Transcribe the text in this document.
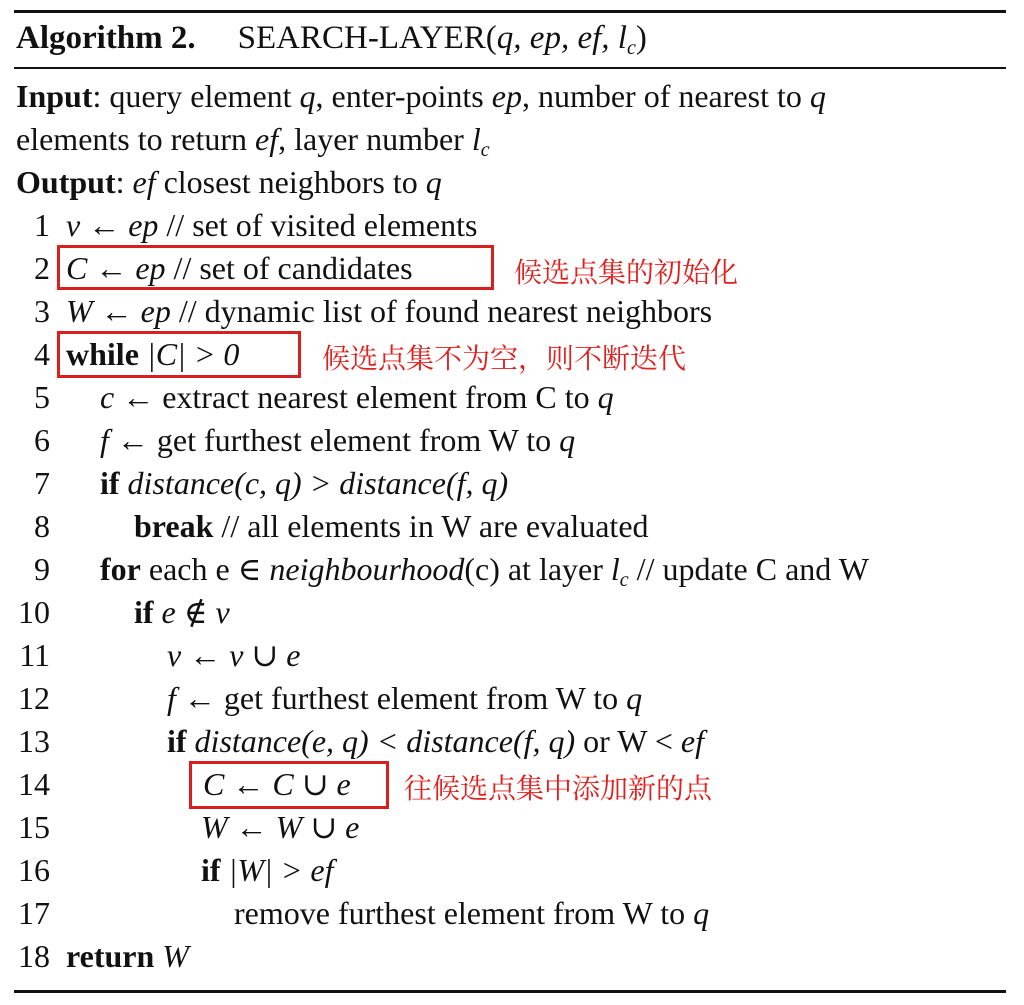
Algorithm 2. SEARCH-LAYER(q, ep, ef, $l_c$)
Input: query element q, enter-points ep, number of nearest to q
elements to return ef, layer number $l_c$
Output: ef closest neighbors to q
1 v ← ep // set of visited elements
2 C ← ep // set of candidates	候选点集的初始化
3 W ← ep // dynamic list of found nearest neighbors
4 while |C| > 0	候选点集不为空，则不断迭代
5 c ← extract nearest element from C to q
6 f ← get furthest element from W to q
7 if distance(c, q) > distance(f, q)
8	break // all elements in W are evaluated
9 for each e ∈ neighbourhood(c) at layer $l_c$ // update C and W
10	if e ∉ v
11	v ← v ∪ e
12	f ← get furthest element from W to q
13	if distance(e, q) < distance(f, q) or W < ef
14	C ← C ∪ e 往候选点集中添加新的点
15	W ← W ∪ e
16	if |W| > ef
17	remove furthest element from W to q
18 return W
